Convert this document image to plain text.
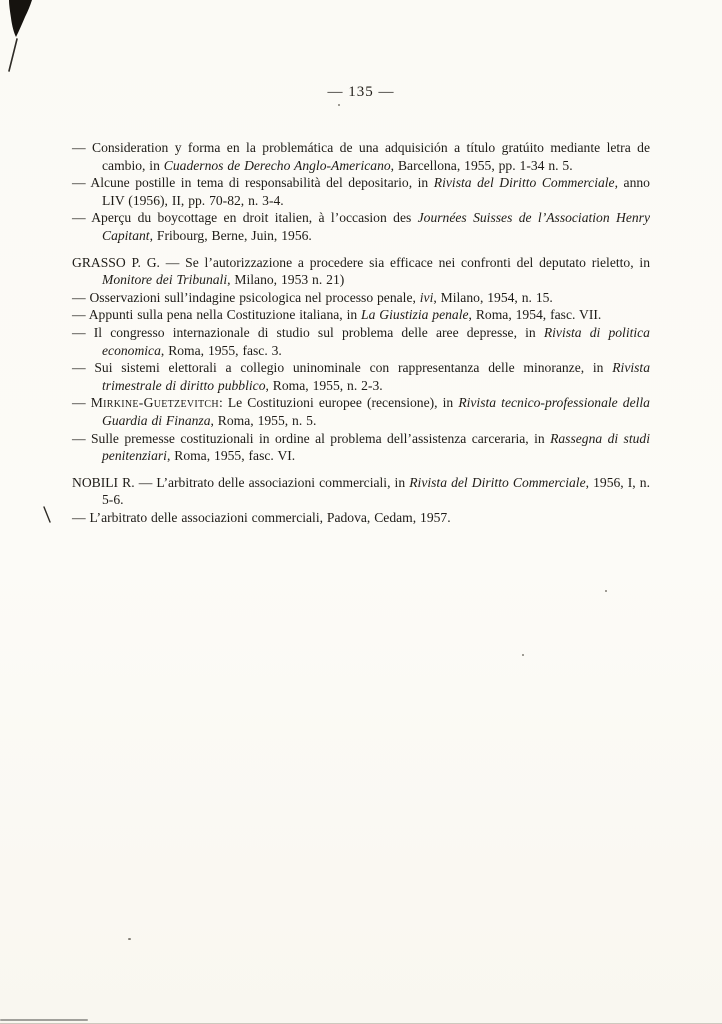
— 135 —

— Consideration y forma en la problemática de una adquisición a título gratúito mediante letra de cambio, in Cuadernos de Derecho Anglo-Americano, Barcellona, 1955, pp. 1-34 n. 5.

— Alcune postille in tema di responsabilità del depositario, in Rivista del Diritto Commerciale, anno LIV (1956), II, pp. 70-82, n. 3-4.

— Aperçu du boycottage en droit italien, à l’occasion des Journées Suisses de l’Association Henry Capitant, Fribourg, Berne, Juin, 1956.

GRASSO P. G. — Se l’autorizzazione a procedere sia efficace nei confronti del deputato rieletto, in Monitore dei Tribunali, Milano, 1953 n. 21)

— Osservazioni sull’indagine psicologica nel processo penale, ivi, Milano, 1954, n. 15.

— Appunti sulla pena nella Costituzione italiana, in La Giustizia penale, Roma, 1954, fasc. VII.

— Il congresso internazionale di studio sul problema delle aree depresse, in Rivista di politica economica, Roma, 1955, fasc. 3.

— Sui sistemi elettorali a collegio uninominale con rappresentanza delle minoranze, in Rivista trimestrale di diritto pubblico, Roma, 1955, n. 2-3.

— Mirkine-Guetzevitch: Le Costituzioni europee (recensione), in Rivista tecnico-professionale della Guardia di Finanza, Roma, 1955, n. 5.

— Sulle premesse costituzionali in ordine al problema dell’assistenza carceraria, in Rassegna di studi penitenziari, Roma, 1955, fasc. VI.

NOBILI R. — L’arbitrato delle associazioni commerciali, in Rivista del Diritto Commerciale, 1956, I, n. 5-6.

— L’arbitrato delle associazioni commerciali, Padova, Cedam, 1957.
